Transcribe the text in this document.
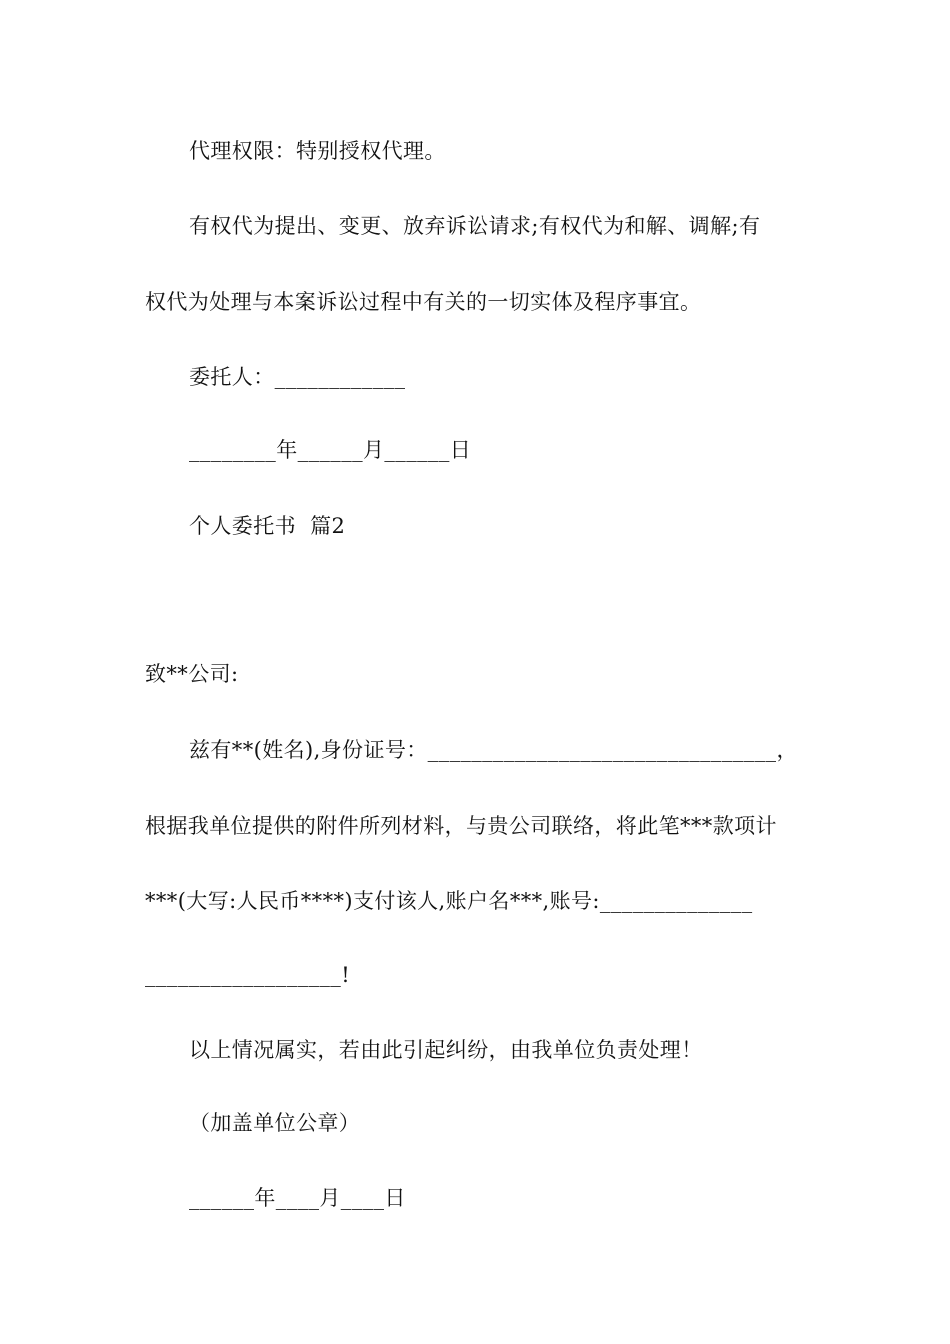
代理权限：特别授权代理。
有权代为提出、变更、放弃诉讼请求;有权代为和解、调解;有
权代为处理与本案诉讼过程中有关的一切实体及程序事宜。
委托人：____________
________年______月______日
个人委托书  篇2
致**公司:
兹有**(姓名),身份证号：________________________________，
根据我单位提供的附件所列材料，与贵公司联络，将此笔***款项计
***(大写:人民币****)支付该人,账户名***,账号:______________
__________________!
以上情况属实，若由此引起纠纷，由我单位负责处理！
（加盖单位公章）
______年____月____日
